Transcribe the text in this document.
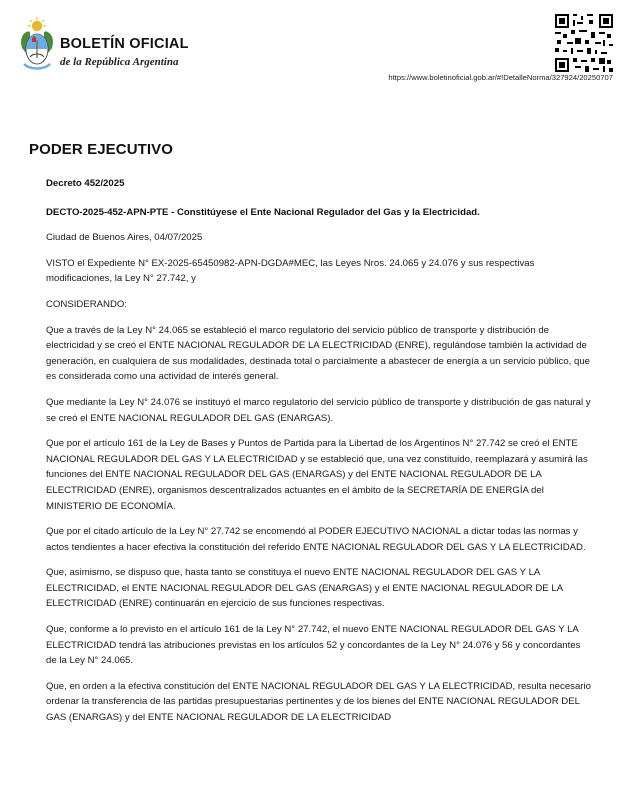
BOLETÍN OFICIAL
de la República Argentina
https://www.boletinoficial.gob.ar/#!DetalleNorma/327924/20250707
PODER EJECUTIVO

Decreto 452/2025

DECTO-2025-452-APN-PTE - Constitúyese el Ente Nacional Regulador del Gas y la Electricidad.

Ciudad de Buenos Aires, 04/07/2025

VISTO el Expediente N° EX-2025-65450982-APN-DGDA#MEC, las Leyes Nros. 24.065 y 24.076 y sus respectivas modificaciones, la Ley N° 27.742, y

CONSIDERANDO:

Que a través de la Ley N° 24.065 se estableció el marco regulatorio del servicio público de transporte y distribución de electricidad y se creó el ENTE NACIONAL REGULADOR DE LA ELECTRICIDAD (ENRE), regulándose también la actividad de generación, en cualquiera de sus modalidades, destinada total o parcialmente a abastecer de energía a un servicio público, que es considerada como una actividad de interés general.

Que mediante la Ley N° 24.076 se instituyó el marco regulatorio del servicio público de transporte y distribución de gas natural y se creó el ENTE NACIONAL REGULADOR DEL GAS (ENARGAS).

Que por el artículo 161 de la Ley de Bases y Puntos de Partida para la Libertad de los Argentinos N° 27.742 se creó el ENTE NACIONAL REGULADOR DEL GAS Y LA ELECTRICIDAD y se estableció que, una vez constituido, reemplazará y asumirá las funciones del ENTE NACIONAL REGULADOR DEL GAS (ENARGAS) y del ENTE NACIONAL REGULADOR DE LA ELECTRICIDAD (ENRE), organismos descentralizados actuantes en el ámbito de la SECRETARÍA DE ENERGÍA del MINISTERIO DE ECONOMÍA.

Que por el citado artículo de la Ley N° 27.742 se encomendó al PODER EJECUTIVO NACIONAL a dictar todas las normas y actos tendientes a hacer efectiva la constitución del referido ENTE NACIONAL REGULADOR DEL GAS Y LA ELECTRICIDAD.

Que, asimismo, se dispuso que, hasta tanto se constituya el nuevo ENTE NACIONAL REGULADOR DEL GAS Y LA ELECTRICIDAD, el ENTE NACIONAL REGULADOR DEL GAS (ENARGAS) y el ENTE NACIONAL REGULADOR DE LA ELECTRICIDAD (ENRE) continuarán en ejercicio de sus funciones respectivas.

Que, conforme a lo previsto en el artículo 161 de la Ley N° 27.742, el nuevo ENTE NACIONAL REGULADOR DEL GAS Y LA ELECTRICIDAD tendrá las atribuciones previstas en los artículos 52 y concordantes de la Ley N° 24.076 y 56 y concordantes de la Ley N° 24.065.

Que, en orden a la efectiva constitución del ENTE NACIONAL REGULADOR DEL GAS Y LA ELECTRICIDAD, resulta necesario ordenar la transferencia de las partidas presupuestarias pertinentes y de los bienes del ENTE NACIONAL REGULADOR DEL GAS (ENARGAS) y del ENTE NACIONAL REGULADOR DE LA ELECTRICIDAD
